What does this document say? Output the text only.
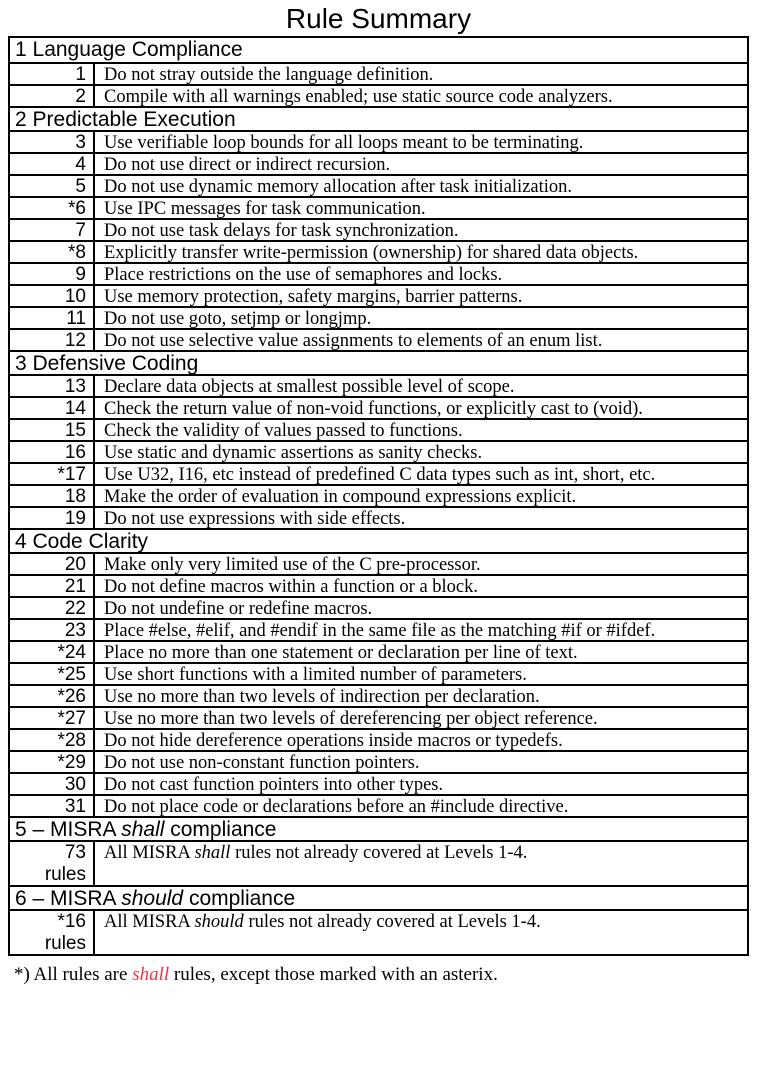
Rule Summary
1 Language Compliance
1 Do not stray outside the language definition.
2 Compile with all warnings enabled; use static source code analyzers.
2 Predictable Execution
3 Use verifiable loop bounds for all loops meant to be terminating.
4 Do not use direct or indirect recursion.
5 Do not use dynamic memory allocation after task initialization.
*6 Use IPC messages for task communication.
7 Do not use task delays for task synchronization.
*8 Explicitly transfer write-permission (ownership) for shared data objects.
9 Place restrictions on the use of semaphores and locks.
10 Use memory protection, safety margins, barrier patterns.
11 Do not use goto, setjmp or longjmp.
12 Do not use selective value assignments to elements of an enum list.
3 Defensive Coding
13 Declare data objects at smallest possible level of scope.
14 Check the return value of non-void functions, or explicitly cast to (void).
15 Check the validity of values passed to functions.
16 Use static and dynamic assertions as sanity checks.
*17 Use U32, I16, etc instead of predefined C data types such as int, short, etc.
18 Make the order of evaluation in compound expressions explicit.
19 Do not use expressions with side effects.
4 Code Clarity
20 Make only very limited use of the C pre-processor.
21 Do not define macros within a function or a block.
22 Do not undefine or redefine macros.
23 Place #else, #elif, and #endif in the same file as the matching #if or #ifdef.
*24 Place no more than one statement or declaration per line of text.
*25 Use short functions with a limited number of parameters.
*26 Use no more than two levels of indirection per declaration.
*27 Use no more than two levels of dereferencing per object reference.
*28 Do not hide dereference operations inside macros or typedefs.
*29 Do not use non-constant function pointers.
30 Do not cast function pointers into other types.
31 Do not place code or declarations before an #include directive.
5 – MISRA shall compliance
73
rules
All MISRA shall rules not already covered at Levels 1-4.
6 – MISRA should compliance
*16
rules
All MISRA should rules not already covered at Levels 1-4.
*) All rules are shall rules, except those marked with an asterix.
